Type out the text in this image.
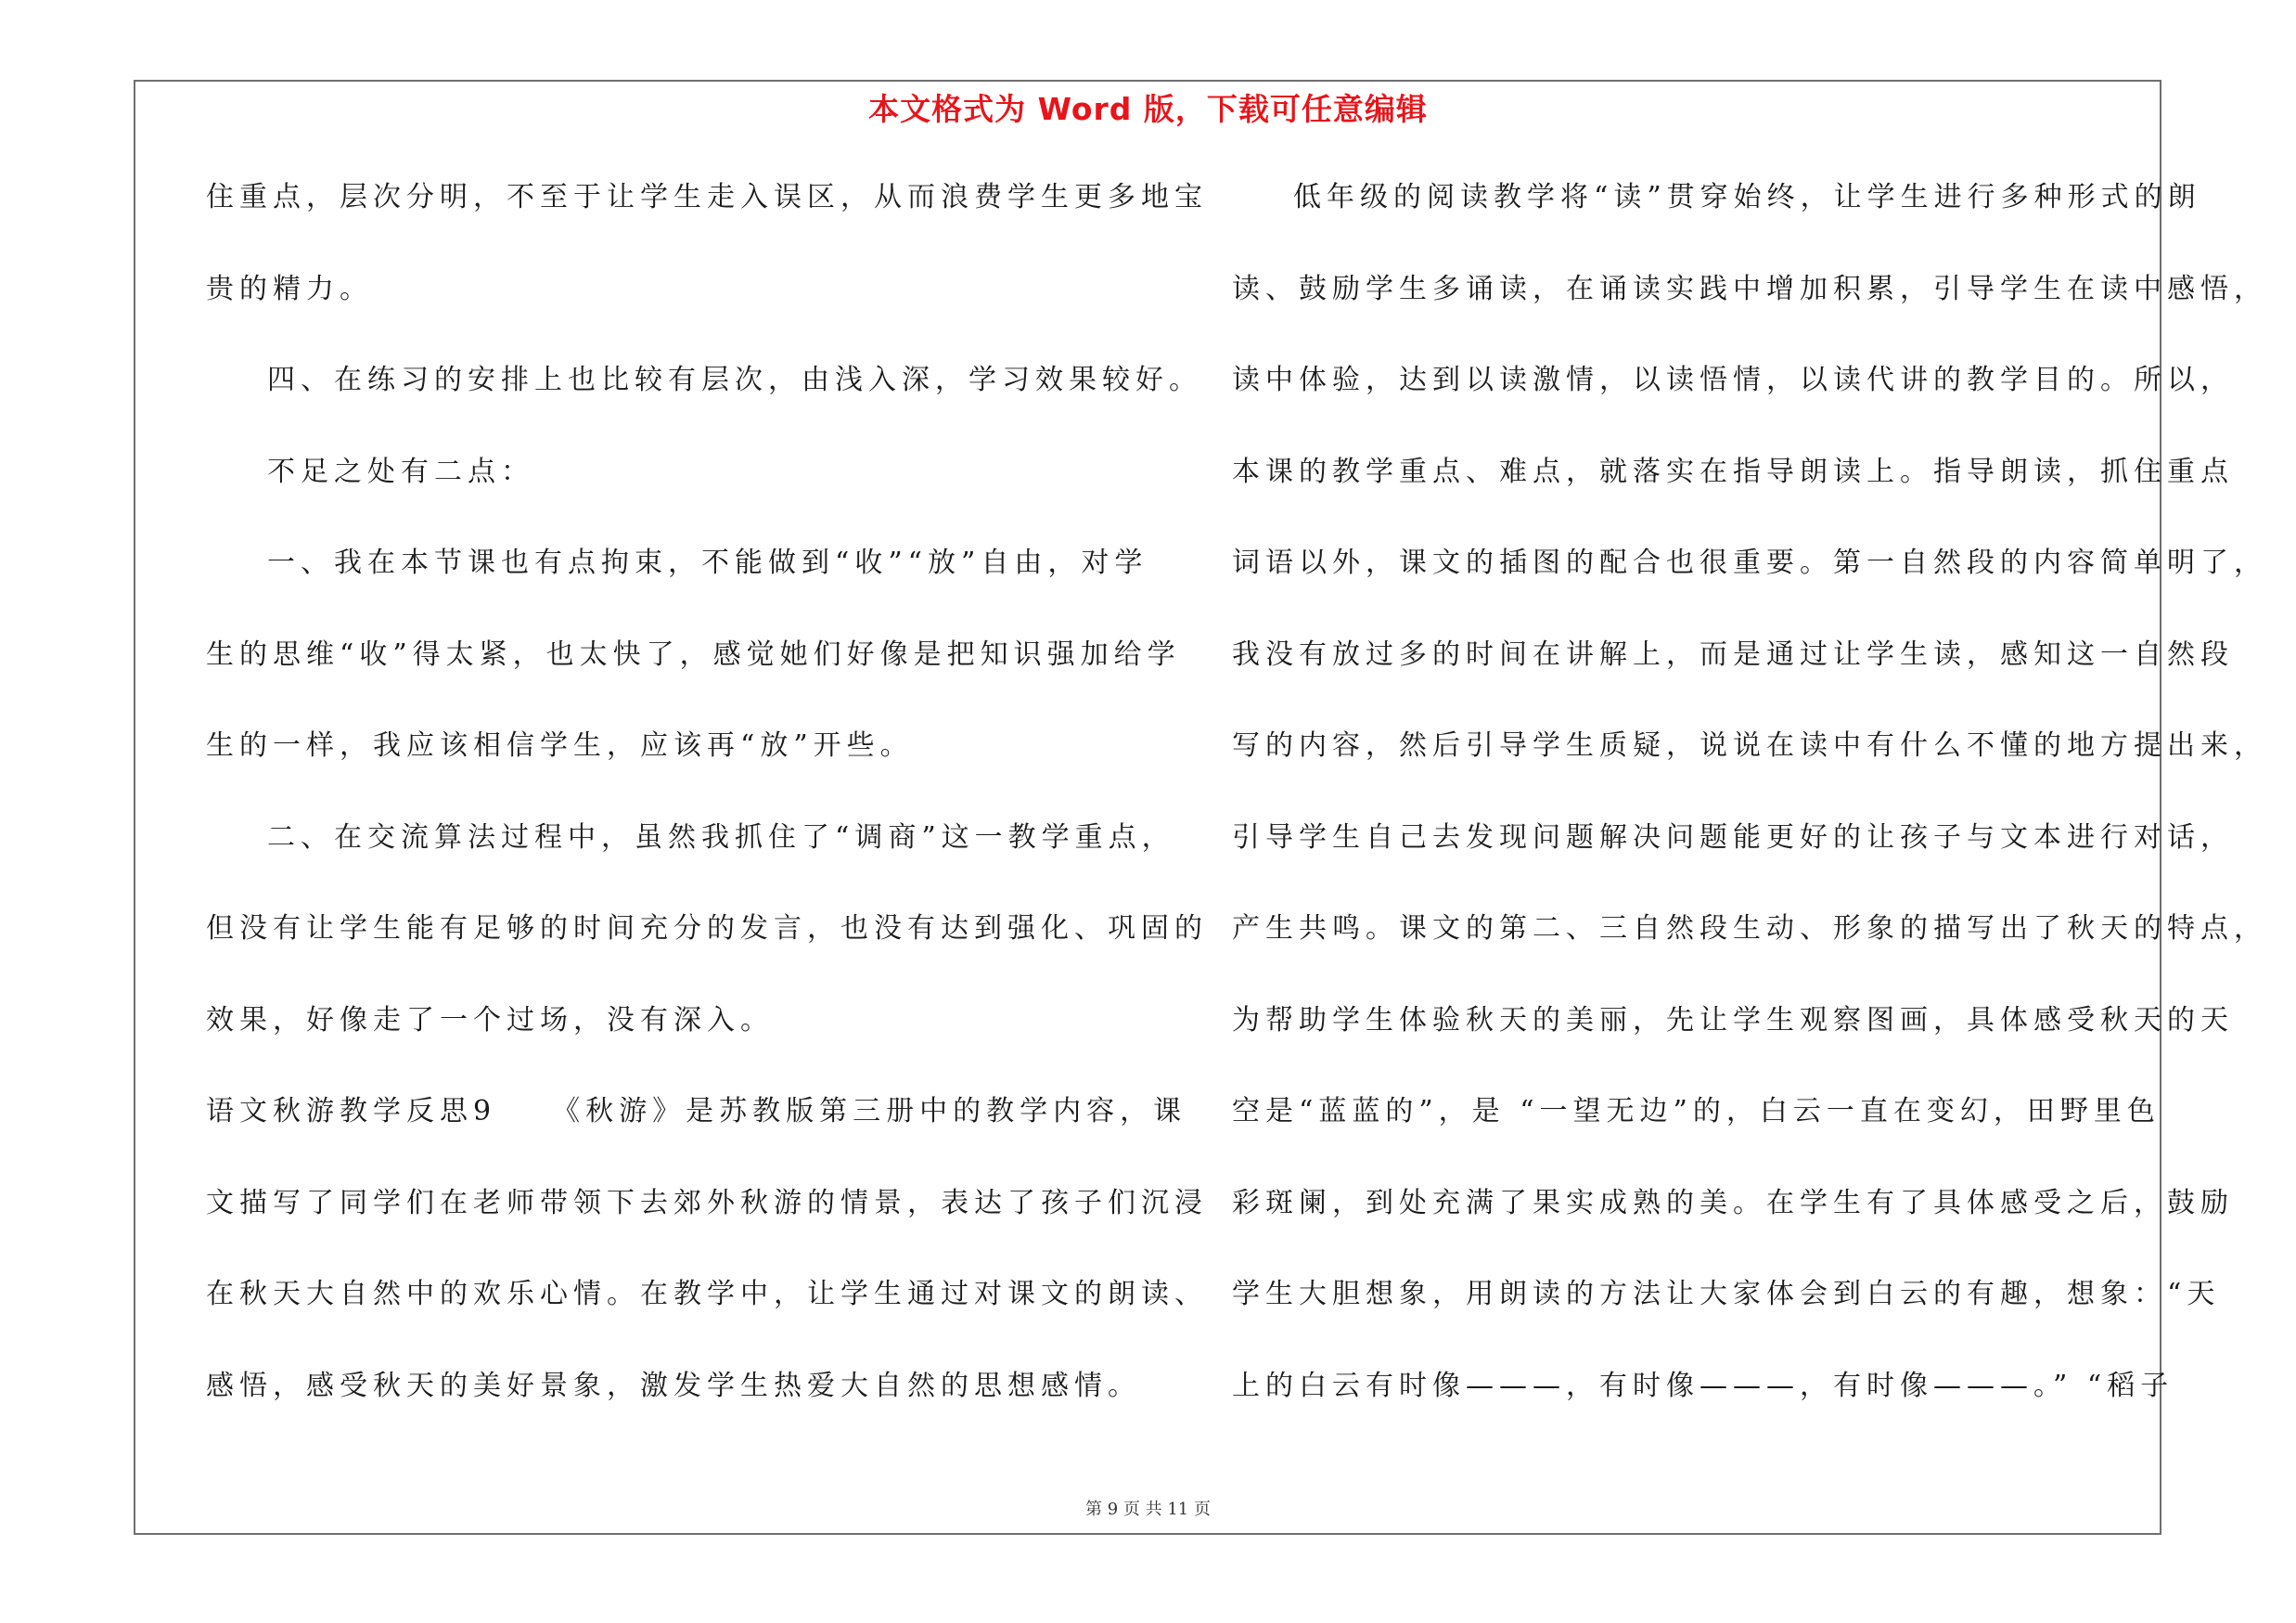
本文格式为 Word 版，下载可任意编辑
住重点，层次分明，不至于让学生走入误区，从而浪费学生更多地宝
贵的精力。
四、在练习的安排上也比较有层次，由浅入深，学习效果较好。
不足之处有二点：
一、我在本节课也有点拘束，不能做到“收”“放”自由，对学
生的思维“收”得太紧，也太快了，感觉她们好像是把知识强加给学
生的一样，我应该相信学生，应该再“放”开些。
二、在交流算法过程中，虽然我抓住了“调商”这一教学重点，
但没有让学生能有足够的时间充分的发言，也没有达到强化、巩固的
效果，好像走了一个过场，没有深入。
语文秋游教学反思9 《秋游》是苏教版第三册中的教学内容，课
文描写了同学们在老师带领下去郊外秋游的情景，表达了孩子们沉浸
在秋天大自然中的欢乐心情。在教学中，让学生通过对课文的朗读、
感悟，感受秋天的美好景象，激发学生热爱大自然的思想感情。
低年级的阅读教学将“读”贯穿始终，让学生进行多种形式的朗
读、鼓励学生多诵读，在诵读实践中增加积累，引导学生在读中感悟，
读中体验，达到以读激情，以读悟情，以读代讲的教学目的。所以，
本课的教学重点、难点，就落实在指导朗读上。指导朗读，抓住重点
词语以外，课文的插图的配合也很重要。第一自然段的内容简单明了，
我没有放过多的时间在讲解上，而是通过让学生读，感知这一自然段
写的内容，然后引导学生质疑，说说在读中有什么不懂的地方提出来，
引导学生自己去发现问题解决问题能更好的让孩子与文本进行对话，
产生共鸣。课文的第二、三自然段生动、形象的描写出了秋天的特点，
为帮助学生体验秋天的美丽，先让学生观察图画，具体感受秋天的天
空是“蓝蓝的”，是 “一望无边”的，白云一直在变幻，田野里色
彩斑阑，到处充满了果实成熟的美。在学生有了具体感受之后，鼓励
学生大胆想象，用朗读的方法让大家体会到白云的有趣，想象：“天
上的白云有时像———，有时像———，有时像———。” “稻子
第 9 页 共 11 页
